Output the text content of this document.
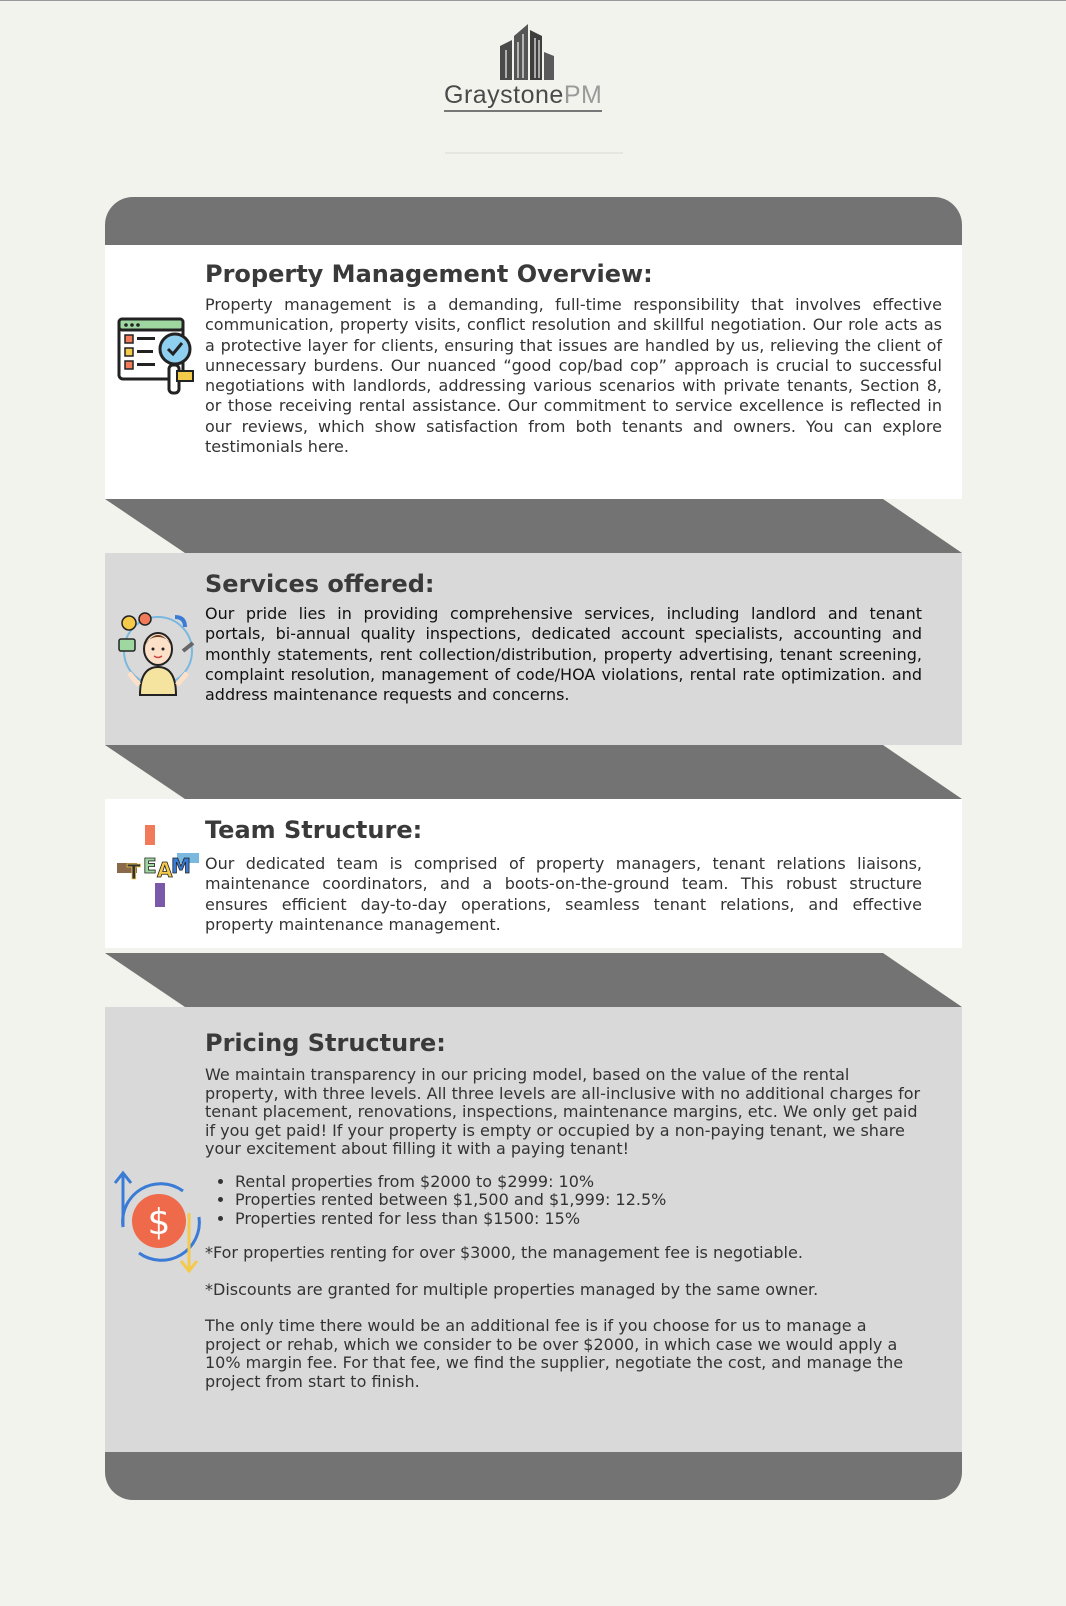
GraystonePM
Property Management Overview:

Property management is a demanding, full-time responsibility that involves effective communication, property visits, conflict resolution and skillful negotiation. Our role acts as a protective layer for clients, ensuring that issues are handled by us, relieving the client of unnecessary burdens. Our nuanced “good cop/bad cop” approach is crucial to successful negotiations with landlords, addressing various scenarios with private tenants, Section 8, or those receiving rental assistance. Our commitment to service excellence is reflected in our reviews, which show satisfaction from both tenants and owners. You can explore testimonials here.

Services offered:

Our pride lies in providing comprehensive services, including landlord and tenant portals, bi-annual quality inspections, dedicated account specialists, accounting and monthly statements, rent collection/distribution, property advertising, tenant screening, complaint resolution, management of code/HOA violations, rental rate optimization. and address maintenance requests and concerns.

T E A
M
Team Structure:

Our dedicated team is comprised of property managers, tenant relations liaisons, maintenance coordinators, and a boots-on-the-ground team. This robust structure ensures efficient day-to-day operations, seamless tenant relations, and effective property maintenance management.

$
Pricing Structure:

We maintain transparency in our pricing model, based on the value of the rental property, with three levels. All three levels are all-inclusive with no additional charges for tenant placement, renovations, inspections, maintenance margins, etc. We only get paid if you get paid! If your property is empty or occupied by a non-paying tenant, we share your excitement about filling it with a paying tenant!

• Rental properties from $2000 to $2999: 10%
• Properties rented between $1,500 and $1,999: 12.5%
• Properties rented for less than $1500: 15%

*For properties renting for over $3000, the management fee is negotiable.

*Discounts are granted for multiple properties managed by the same owner.

The only time there would be an additional fee is if you choose for us to manage a project or rehab, which we consider to be over $2000, in which case we would apply a 10% margin fee. For that fee, we find the supplier, negotiate the cost, and manage the project from start to finish.
